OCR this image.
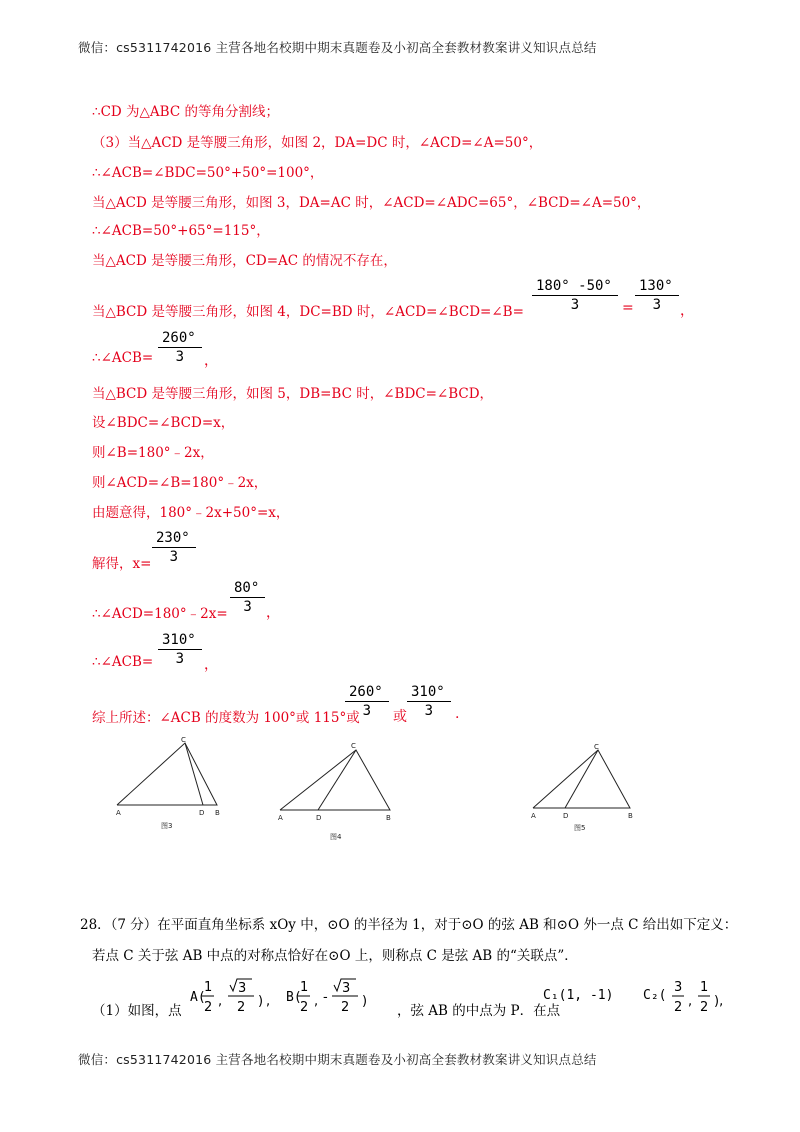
微信：cs5311742016 主营各地名校期中期末真题卷及小初高全套教材教案讲义知识点总结
∴CD 为△ABC 的等角分割线；
（3）当△ACD 是等腰三角形，如图 2，DA=DC 时，∠ACD=∠A=50°，
∴∠ACB=∠BDC=50°+50°=100°，
当△ACD 是等腰三角形，如图 3，DA=AC 时，∠ACD=∠ADC=65°，∠BCD=∠A=50°，
∴∠ACB=50°+65°=115°，
当△ACD 是等腰三角形，CD=AC 的情况不存在，
当△BCD 是等腰三角形，如图 4，DC=BD 时，∠ACD=∠BCD=∠B= $\frac{180^\circ -50^\circ}{3} = \frac{130^\circ}{3}$ ，
∴∠ACB= $\frac{260^\circ}{3}$ ，
当△BCD 是等腰三角形，如图 5，DB=BC 时，∠BDC=∠BCD，
设∠BDC=∠BCD=x，
则∠B=180°﹣2x，
则∠ACD=∠B=180°﹣2x，
由题意得，180°﹣2x+50°=x，
解得，$x= \frac{230^\circ}{3}$
∴∠ACD=180°﹣2x= $\frac{80^\circ}{3}$ ，
∴∠ACB= $\frac{310^\circ}{3}$ ，
综上所述：∠ACB 的度数为 100°或 115°或
$\frac{260^\circ}{3}$ 或 $\frac{310^\circ}{3}$ .
C
A	D B
图3
C
A	D	B
图4
C
A	D	B
图5
28．（7 分）在平面直角坐标系 xOy 中，⊙O 的半径为 1，对于⊙O 的弦 AB 和⊙O 外一点 C 给出如下定义：
若点 C 关于弦 AB 中点的对称点恰好在⊙O 上，则称点 C 是弦 AB 的“关联点”．
（1）如图，点
A(
1
2 ,
3
2 ) , B(
1
2 , -
3
2 )
，弦 AB 的中点为 P．在点
C₁(1, -1) C₂(
3
2 ,
1
2 ),
微信：cs5311742016 主营各地名校期中期末真题卷及小初高全套教材教案讲义知识点总结
